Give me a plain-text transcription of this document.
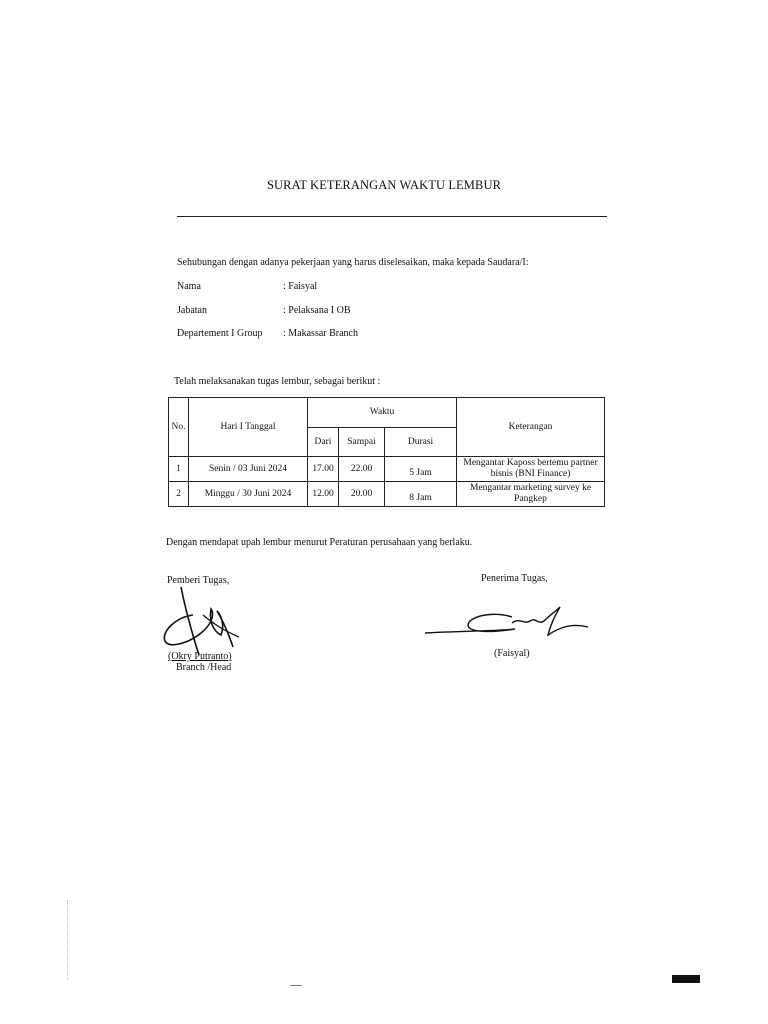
SURAT KETERANGAN WAKTU LEMBUR
Sehubungan dengan adanya pekerjaan yang harus diselesaikan, maka kepada Saudara/I:
Nama	: Faisyal
Jabatan	: Pelaksana I OB
Departement I Group : Makassar Branch
Telah melaksanakan tugas lembur, sebagai berikut :
No.	Hari I Tanggal	Waktu			Keterangan
		Dari	Sampai	Durasi	
1	Senin / 03 Juni 2024	17.00	22.00	5 Jam	Mengantar Kaposs bertemu partner bisnis (BNI Finance)
2	Minggu / 30 Juni 2024	12.00	20.00	8 Jam	Mengantar marketing survey ke Pangkep
Dengan mendapat upah lembur menurut Peraturan perusahaan yang berlaku.
Pemberi Tugas,
(Okry Putranto)
Branch /Head
Penerima Tugas,
(Faisyal)
